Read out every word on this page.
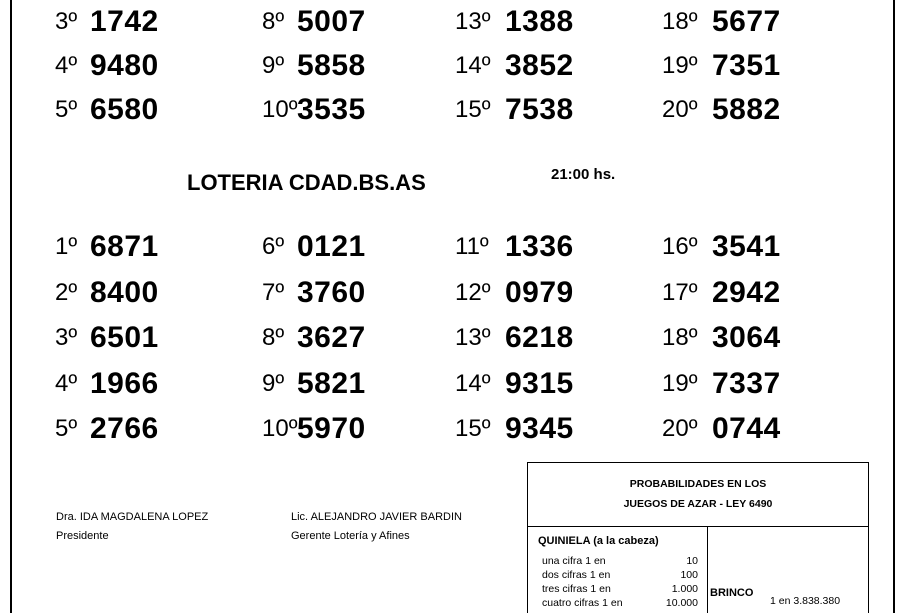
3º 1742	8º 5007	13º 1388	18º 5677
4º 9480	9º 5858	14º 3852	19º 7351
5º 6580	10º 3535	15º 7538	20º 5882
LOTERIA CDAD.BS.AS	21:00 hs.
1º 6871	6º 0121	11º 1336	16º 3541
2º 8400	7º 3760	12º 0979	17º 2942
3º 6501	8º 3627	13º 6218	18º 3064
4º 1966	9º 5821	14º 9315	19º 7337
5º 2766	10º 5970	15º 9345	20º 0744
Dra. IDA MAGDALENA LOPEZ
Presidente
Lic. ALEJANDRO JAVIER BARDIN
Gerente Lotería y Afines
PROBABILIDADES EN LOS
JUEGOS DE AZAR - LEY 6490
QUINIELA (a la cabeza)
una cifra 1 en	10
dos cifras 1 en	100
tres cifras 1 en	1.000
cuatro cifras 1 en	10.000
BRINCO
1 en 3.838.380
